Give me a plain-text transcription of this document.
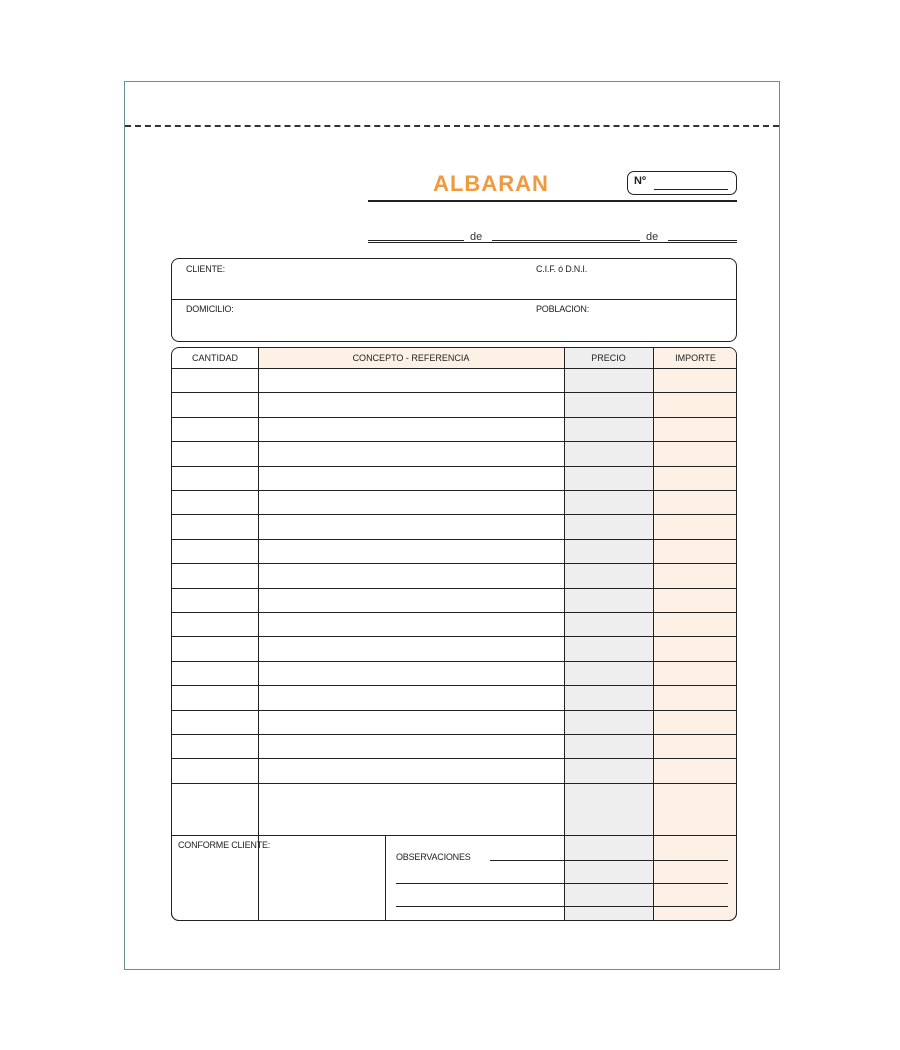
ALBARAN	Nº
de	de
CLIENTE:	C.I.F. ó D.N.I.
DOMICILIO:	POBLACION:
CANTIDAD	CONCEPTO - REFERENCIA	PRECIO	IMPORTE
CONFORME CLIENTE:
OBSERVACIONES
